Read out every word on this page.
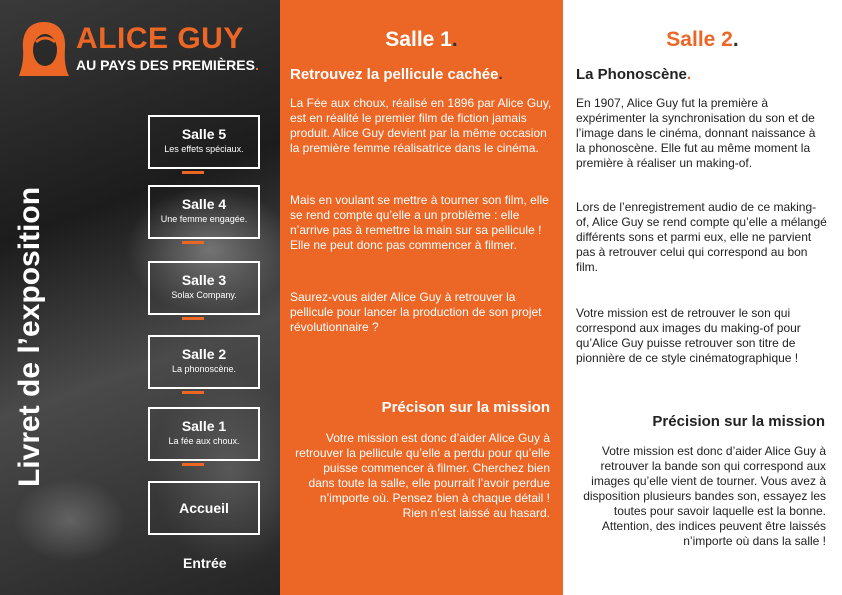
ALICE GUY
AU PAYS DES PREMIÈRES.
Livret de l’exposition
Salle 5
Les effets spéciaux.
Salle 4
Une femme engagée.
Salle 3
Solax Company.
Salle 2
La phonoscène.
Salle 1
La fée aux choux.
Accueil
Entrée
Salle 1.
Retrouvez la pellicule cachée.
La Fée aux choux, réalisé en 1896 par Alice Guy, est en réalité le premier film de fiction jamais produit. Alice Guy devient par la même occasion la première femme réalisatrice dans le cinéma.
Mais en voulant se mettre à tourner son film, elle se rend compte qu’elle a un problème : elle n’arrive pas à remettre la main sur sa pellicule ! Elle ne peut donc pas commencer à filmer.
Saurez-vous aider Alice Guy à retrouver la pellicule pour lancer la production de son projet révolutionnaire ?
Précison sur la mission
Votre mission est donc d’aider Alice Guy à retrouver la pellicule qu’elle a perdu pour qu’elle puisse commencer à filmer. Cherchez bien dans toute la salle, elle pourrait l’avoir perdue n’importe où. Pensez bien à chaque détail ! Rien n’est laissé au hasard.
Salle 2.
La Phonoscène.
En 1907, Alice Guy fut la première à expérimenter la synchronisation du son et de l’image dans le cinéma, donnant naissance à la phonoscène. Elle fut au même moment la première à réaliser un making-of.
Lors de l’enregistrement audio de ce making-of, Alice Guy se rend compte qu’elle a mélangé différents sons et parmi eux, elle ne parvient pas à retrouver celui qui correspond au bon film.
Votre mission est de retrouver le son qui correspond aux images du making-of pour qu’Alice Guy puisse retrouver son titre de pionnière de ce style cinématographique !
Précision sur la mission
Votre mission est donc d’aider Alice Guy à retrouver la bande son qui correspond aux images qu’elle vient de tourner. Vous avez à disposition plusieurs bandes son, essayez les toutes pour savoir laquelle est la bonne. Attention, des indices peuvent être laissés n’importe où dans la salle !
